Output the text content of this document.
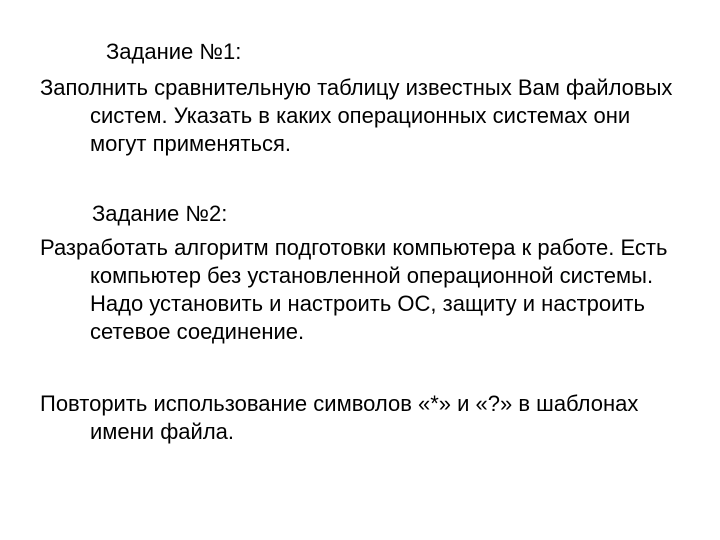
Задание №1:

Заполнить сравнительную таблицу известных Вам файловых систем. Указать в каких операционных системах они могут применяться.

Задание №2:

Разработать алгоритм подготовки компьютера к работе. Есть компьютер без установленной операционной системы. Надо установить и настроить ОС, защиту и настроить сетевое соединение.

Повторить использование символов «*» и «?» в шаблонах имени файла.
